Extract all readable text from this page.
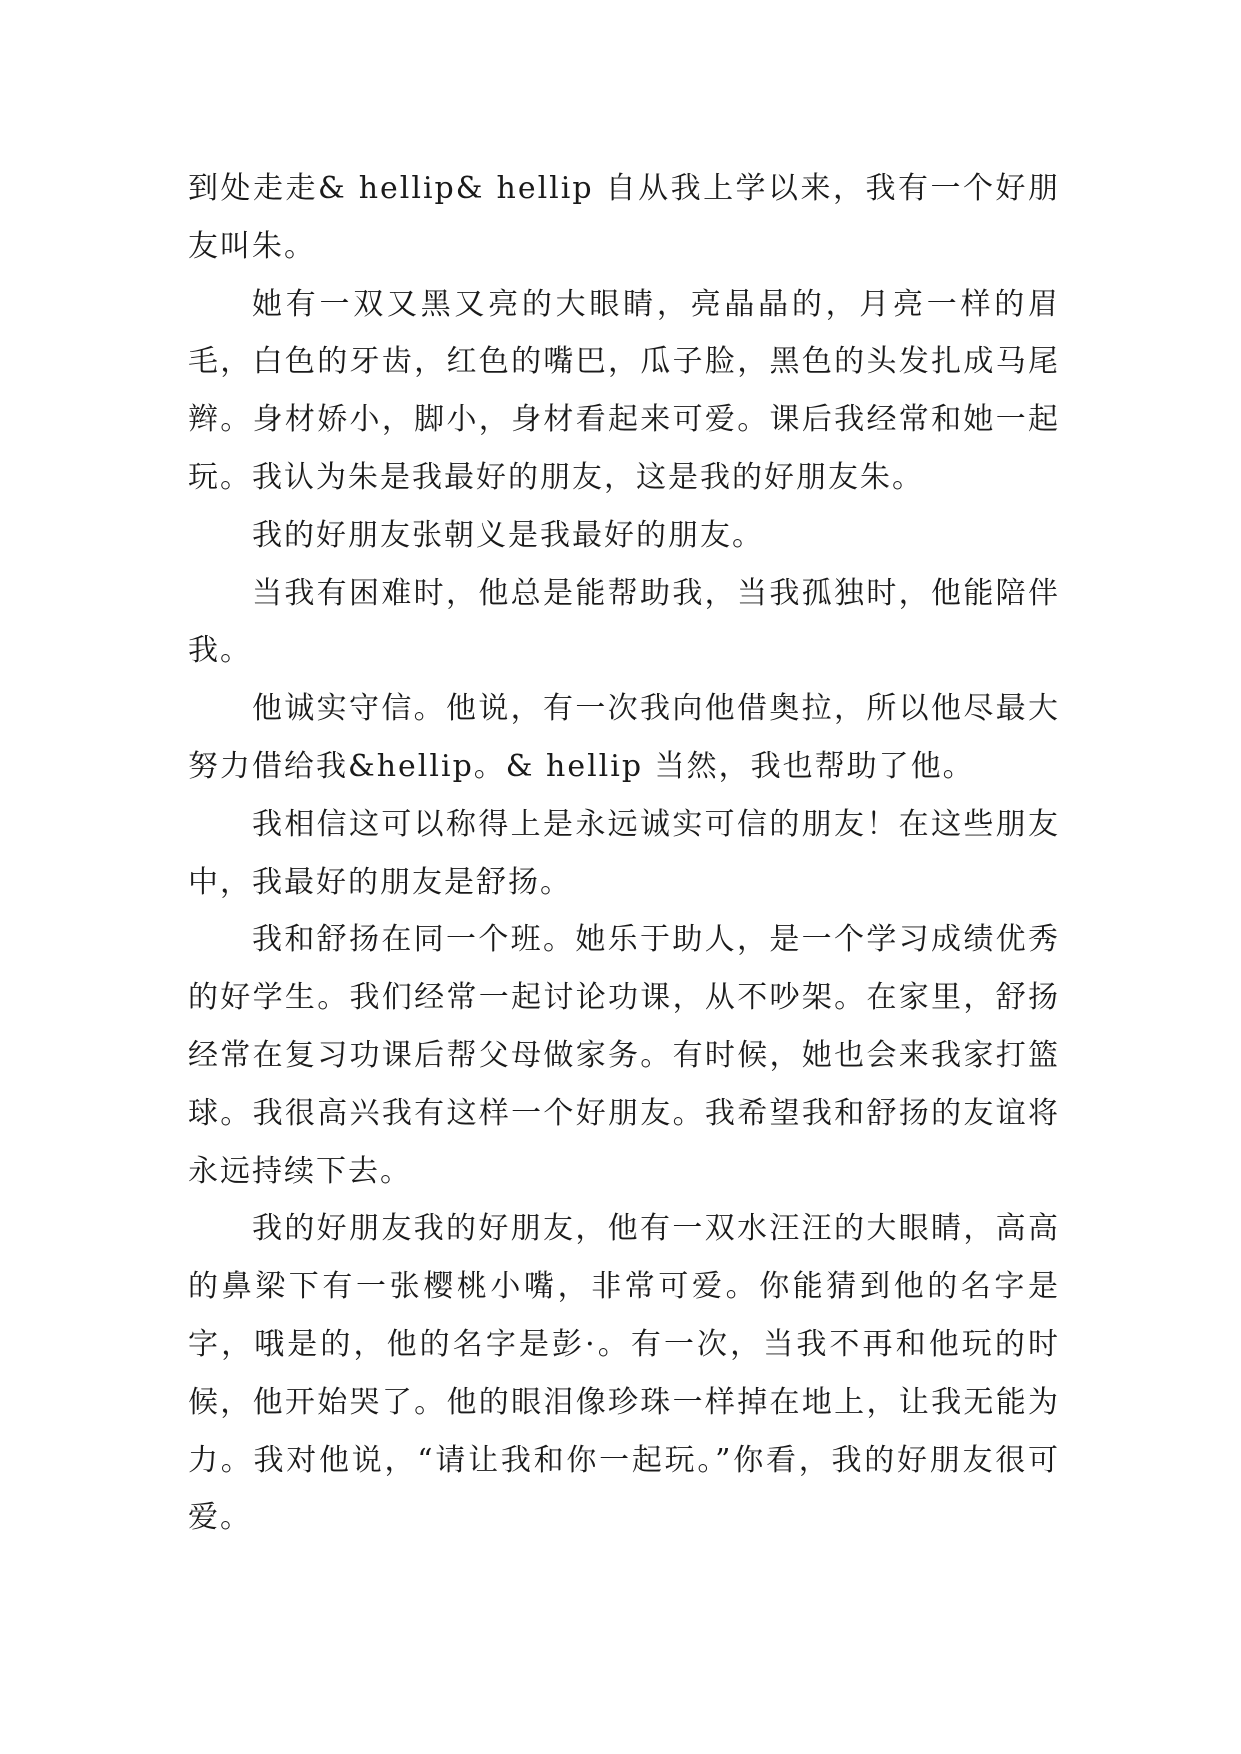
到处走走& hellip& hellip 自从我上学以来，我有一个好朋友叫朱。

她有一双又黑又亮的大眼睛，亮晶晶的，月亮一样的眉毛，白色的牙齿，红色的嘴巴，瓜子脸，黑色的头发扎成马尾辫。身材娇小，脚小，身材看起来可爱。课后我经常和她一起玩。我认为朱是我最好的朋友，这是我的好朋友朱。

我的好朋友张朝义是我最好的朋友。

当我有困难时，他总是能帮助我，当我孤独时，他能陪伴我。

他诚实守信。他说，有一次我向他借奥拉，所以他尽最大努力借给我&hellip。& hellip 当然，我也帮助了他。

我相信这可以称得上是永远诚实可信的朋友！在这些朋友中，我最好的朋友是舒扬。

我和舒扬在同一个班。她乐于助人，是一个学习成绩优秀的好学生。我们经常一起讨论功课，从不吵架。在家里，舒扬经常在复习功课后帮父母做家务。有时候，她也会来我家打篮球。我很高兴我有这样一个好朋友。我希望我和舒扬的友谊将永远持续下去。

我的好朋友我的好朋友，他有一双水汪汪的大眼睛，高高的鼻梁下有一张樱桃小嘴，非常可爱。你能猜到他的名字是字，哦是的，他的名字是彭·。有一次，当我不再和他玩的时候，他开始哭了。他的眼泪像珍珠一样掉在地上，让我无能为力。我对他说，“请让我和你一起玩。”你看，我的好朋友很可爱。
